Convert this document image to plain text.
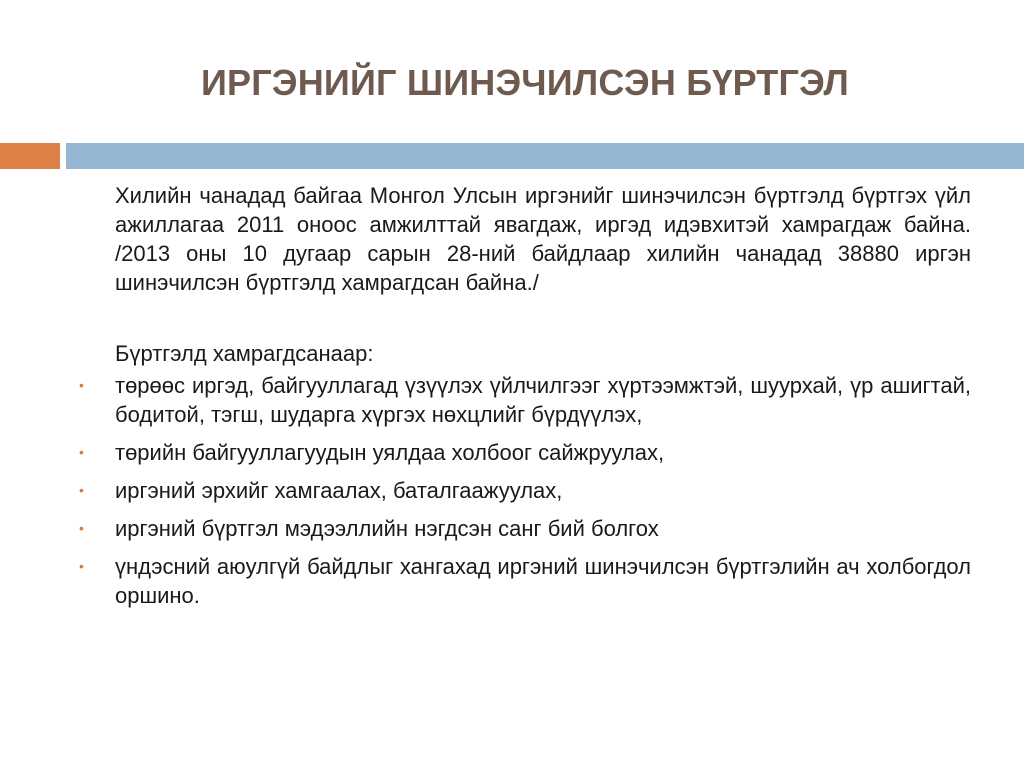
ИРГЭНИЙГ ШИНЭЧИЛСЭН БҮРТГЭЛ

Хилийн чанадад байгаа Монгол Улсын иргэнийг шинэчилсэн бүртгэлд бүртгэх үйл ажиллагаа 2011 оноос амжилттай явагдаж, иргэд идэвхитэй хамрагдаж байна. /2013 оны 10 дугаар сарын 28-ний байдлаар хилийн чанадад 38880 иргэн шинэчилсэн бүртгэлд хамрагдсан байна./

Бүртгэлд хамрагдсанаар:

• төрөөс иргэд, байгууллагад үзүүлэх үйлчилгээг хүртээмжтэй, шуурхай, үр ашигтай, бодитой, тэгш, шударга хүргэх нөхцлийг бүрдүүлэх,
• төрийн байгууллагуудын уялдаа холбоог сайжруулах,
• иргэний эрхийг хамгаалах, баталгаажуулах,
• иргэний бүртгэл мэдээллийн нэгдсэн санг бий болгох
• үндэсний аюулгүй байдлыг хангахад иргэний шинэчилсэн бүртгэлийн ач холбогдол оршино.
